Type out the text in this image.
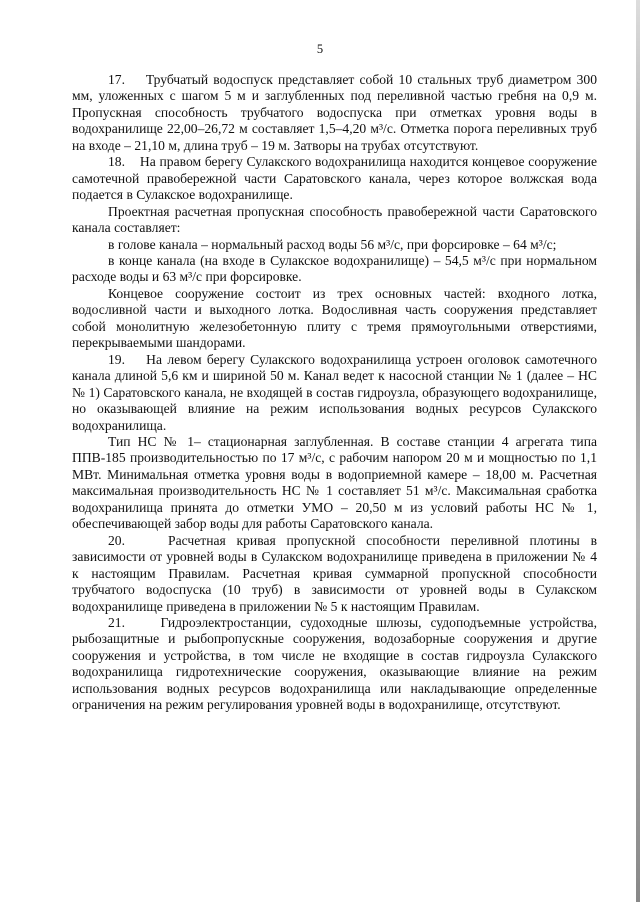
5

17.    Трубчатый водоспуск представляет собой 10 стальных труб диаметром 300 мм, уложенных с шагом 5 м и заглубленных под переливной частью гребня на 0,9 м. Пропускная способность трубчатого водоспуска при отметках уровня воды в водохранилище 22,00–26,72 м составляет 1,5–4,20 м³/с. Отметка порога переливных труб на входе – 21,10 м, длина труб – 19 м. Затворы на трубах отсутствуют.

18.    На правом берегу Сулакского водохранилища находится концевое сооружение самотечной правобережной части Саратовского канала, через которое волжская вода подается в Сулакское водохранилище.

Проектная расчетная пропускная способность правобережной части Саратовского канала составляет:

в голове канала – нормальный расход воды 56 м³/с, при форсировке – 64 м³/с;

в конце канала (на входе в Сулакское водохранилище) – 54,5 м³/с при нормальном расходе воды и 63 м³/с при форсировке.

Концевое сооружение состоит из трех основных частей: входного лотка, водосливной части и выходного лотка. Водосливная часть сооружения представляет собой монолитную железобетонную плиту с тремя прямоугольными отверстиями, перекрываемыми шандорами.

19.    На левом берегу Сулакского водохранилища устроен оголовок самотечного канала длиной 5,6 км и шириной 50 м. Канал ведет к насосной станции № 1 (далее – НС № 1) Саратовского канала, не входящей в состав гидроузла, образующего водохранилище, но оказывающей влияние на режим использования водных ресурсов Сулакского водохранилища.

Тип НС № 1– стационарная заглубленная. В составе станции 4 агрегата типа ППВ-185 производительностью по 17 м³/с, с рабочим напором 20 м и мощностью по 1,1 МВт. Минимальная отметка уровня воды в водоприемной камере – 18,00 м. Расчетная максимальная производительность НС № 1 составляет 51 м³/с. Максимальная сработка водохранилища принята до отметки УМО – 20,50 м из условий работы НС № 1, обеспечивающей забор воды для работы Саратовского канала.

20.    Расчетная кривая пропускной способности переливной плотины в зависимости от уровней воды в Сулакском водохранилище приведена в приложении № 4 к настоящим Правилам. Расчетная кривая суммарной пропускной способности трубчатого водоспуска (10 труб) в зависимости от уровней воды в Сулакском водохранилище приведена в приложении № 5 к настоящим Правилам.

21.    Гидроэлектростанции, судоходные шлюзы, судоподъемные устройства, рыбозащитные и рыбопропускные сооружения, водозаборные сооружения и другие сооружения и устройства, в том числе не входящие в состав гидроузла Сулакского водохранилища гидротехнические сооружения, оказывающие влияние на режим использования водных ресурсов водохранилища или накладывающие определенные ограничения на режим регулирования уровней воды в водохранилище, отсутствуют.
